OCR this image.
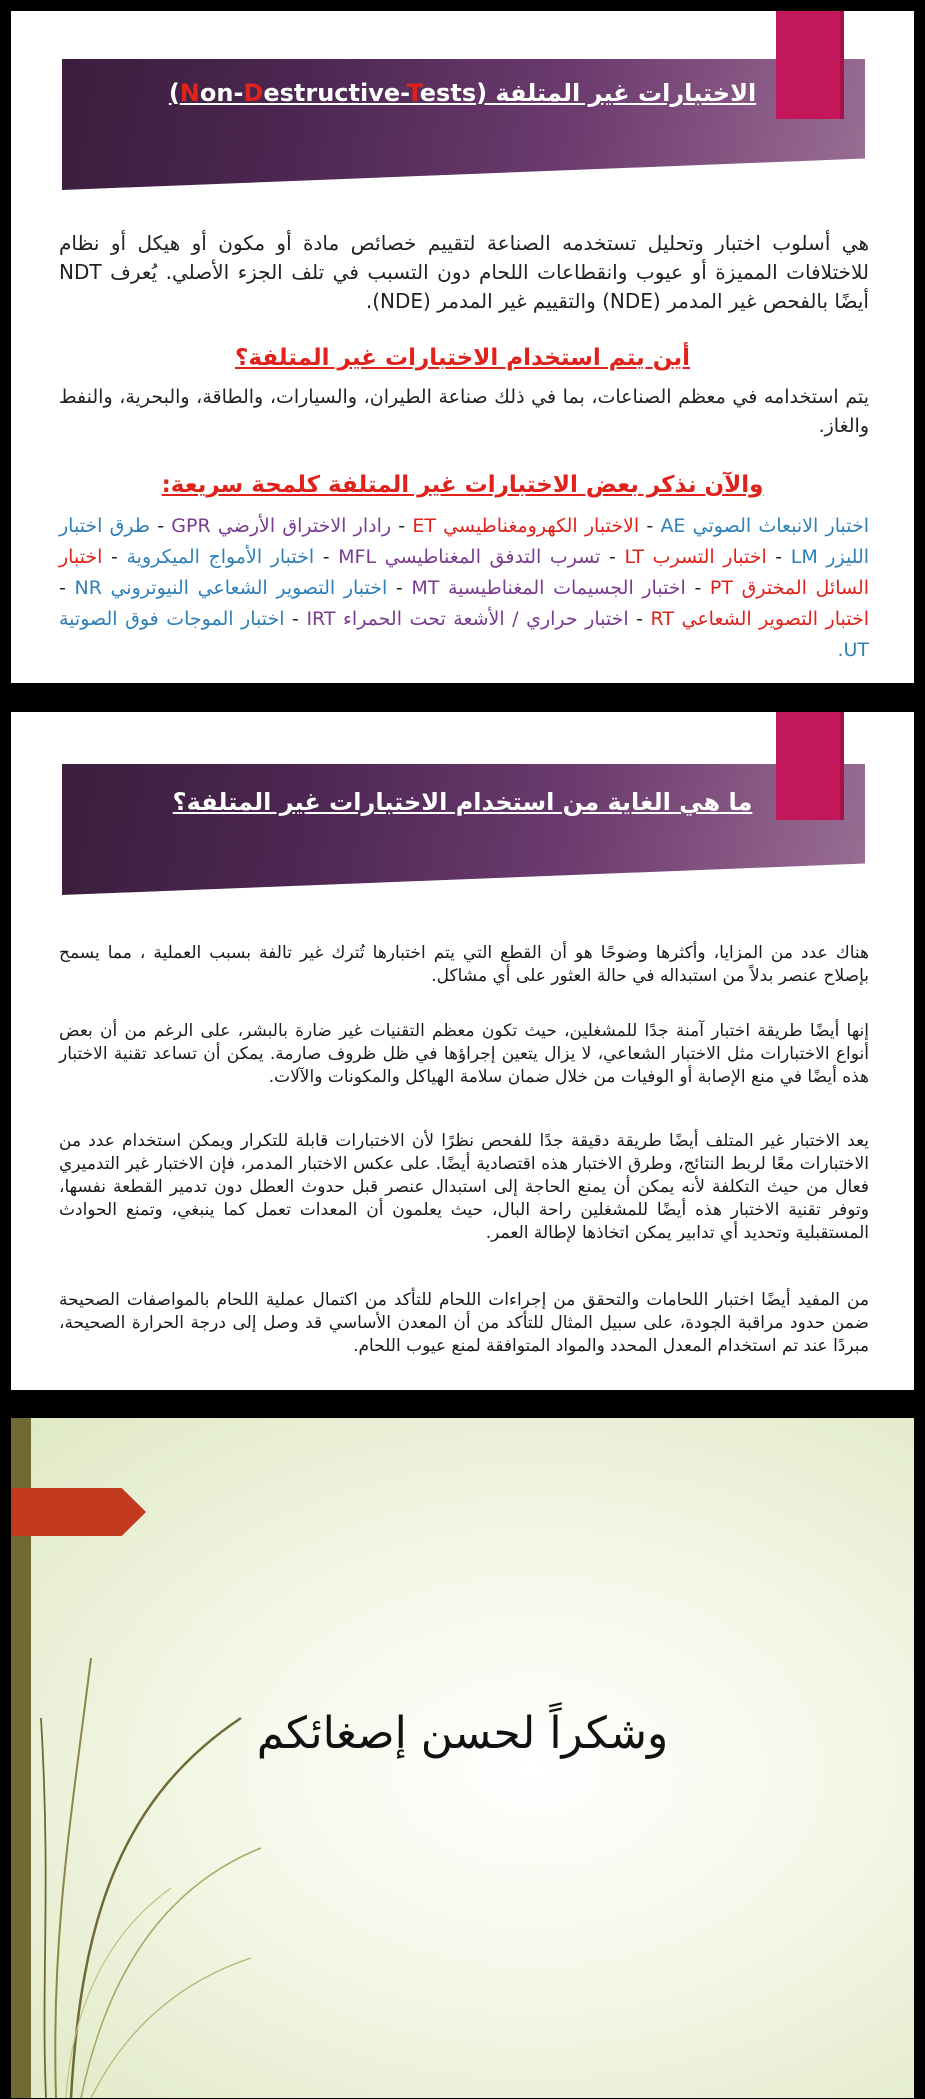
الاختبارات غير المتلفة (Non-Destructive-Tests)

هي أسلوب اختبار وتحليل تستخدمه الصناعة لتقييم خصائص مادة أو مكون أو هيكل أو نظام للاختلافات المميزة أو عيوب وانقطاعات اللحام دون التسبب في تلف الجزء الأصلي. يُعرف NDT أيضًا بالفحص غير المدمر (NDE) والتقييم غير المدمر (NDE).

أين يتم استخدام الاختبارات غير المتلفة؟

يتم استخدامه في معظم الصناعات، بما في ذلك صناعة الطيران، والسيارات، والطاقة، والبحرية، والنفط والغاز.

والآن نذكر بعض الاختبارات غير المتلفة كلمحة سريعة:

اختبار الانبعاث الصوتي AE - الاختبار الكهرومغناطيسي ET - رادار الاختراق الأرضي GPR - طرق اختبار الليزر LM - اختبار التسرب LT - تسرب التدفق المغناطيسي MFL - اختبار الأمواج الميكروية - اختبار السائل المخترق PT - اختبار الجسيمات المغناطيسية MT - اختبار التصوير الشعاعي النيوتروني NR - اختبار التصوير الشعاعي RT - اختبار حراري / الأشعة تحت الحمراء IRT - اختبار الموجات فوق الصوتية UT.

ما هي الغاية من استخدام الاختبارات غير المتلفة؟

هناك عدد من المزايا، وأكثرها وضوحًا هو أن القطع التي يتم اختبارها تُترك غير تالفة بسبب العملية ، مما يسمح بإصلاح عنصر بدلاً من استبداله في حالة العثور على أي مشاكل.

إنها أيضًا طريقة اختبار آمنة جدًا للمشغلين، حيث تكون معظم التقنيات غير ضارة بالبشر، على الرغم من أن بعض أنواع الاختبارات مثل الاختبار الشعاعي، لا يزال يتعين إجراؤها في ظل ظروف صارمة. يمكن أن تساعد تقنية الاختبار هذه أيضًا في منع الإصابة أو الوفيات من خلال ضمان سلامة الهياكل والمكونات والآلات.

يعد الاختبار غير المتلف أيضًا طريقة دقيقة جدًا للفحص نظرًا لأن الاختبارات قابلة للتكرار ويمكن استخدام عدد من الاختبارات معًا لربط النتائج، وطرق الاختبار هذه اقتصادية أيضًا. على عكس الاختبار المدمر، فإن الاختبار غير التدميري فعال من حيث التكلفة لأنه يمكن أن يمنع الحاجة إلى استبدال عنصر قبل حدوث العطل دون تدمير القطعة نفسها، وتوفر تقنية الاختبار هذه أيضًا للمشغلين راحة البال، حيث يعلمون أن المعدات تعمل كما ينبغي، وتمنع الحوادث المستقبلية وتحديد أي تدابير يمكن اتخاذها لإطالة العمر.

من المفيد أيضًا اختبار اللحامات والتحقق من إجراءات اللحام للتأكد من اكتمال عملية اللحام بالمواصفات الصحيحة ضمن حدود مراقبة الجودة، على سبيل المثال للتأكد من أن المعدن الأساسي قد وصل إلى درجة الحرارة الصحيحة، مبردًا عند تم استخدام المعدل المحدد والمواد المتوافقة لمنع عيوب اللحام.

وشكراً لحسن إصغائكم
